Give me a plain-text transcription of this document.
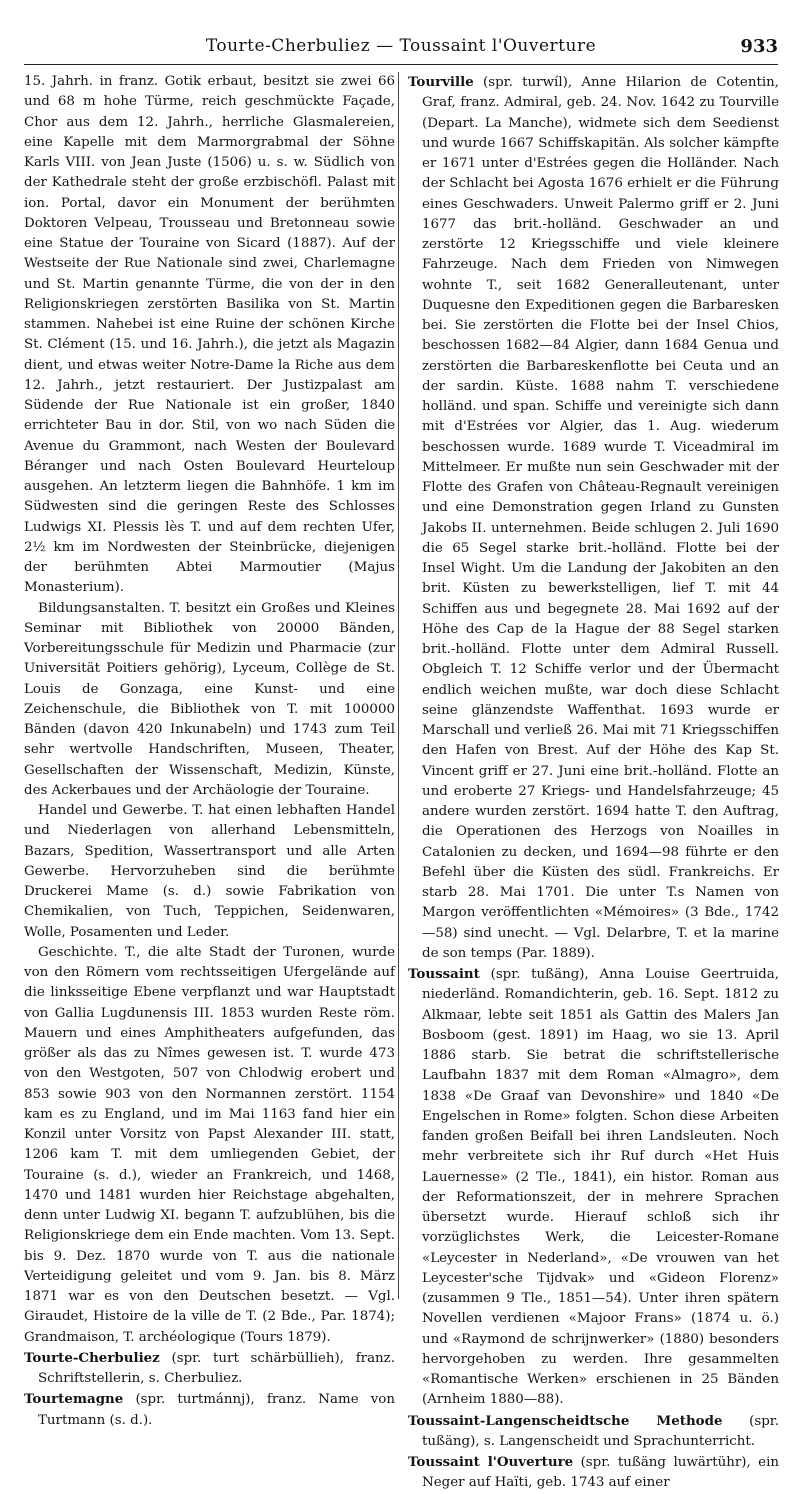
Tourte-Cherbuliez — Toussaint l'Ouverture	933

15. Jahrh. in franz. Gotik erbaut, besitzt sie zwei 66 und 68 m hohe Türme, reich geschmückte Façade, Chor aus dem 12. Jahrh., herrliche Glasmalereien, eine Kapelle mit dem Marmorgrabmal der Söhne Karls VIII. von Jean Juste (1506) u. s. w. Südlich von der Kathedrale steht der große erzbischöfl. Palast mit ion. Portal, davor ein Monument der berühmten Doktoren Velpeau, Trousseau und Bretonneau sowie eine Statue der Touraine von Sicard (1887). Auf der Westseite der Rue Nationale sind zwei, Charlemagne und St. Martin genannte Türme, die von der in den Religionskriegen zerstörten Basilika von St. Martin stammen. Nahebei ist eine Ruine der schönen Kirche St. Clément (15. und 16. Jahrh.), die jetzt als Magazin dient, und etwas weiter Notre-Dame la Riche aus dem 12. Jahrh., jetzt restauriert. Der Justizpalast am Südende der Rue Nationale ist ein großer, 1840 errichteter Bau in dor. Stil, von wo nach Süden die Avenue du Grammont, nach Westen der Boulevard Béranger und nach Osten Boulevard Heurteloup ausgehen. An letzterm liegen die Bahnhöfe. 1 km im Südwesten sind die geringen Reste des Schlosses Ludwigs XI. Plessis lès T. und auf dem rechten Ufer, 2½ km im Nordwesten der Steinbrücke, diejenigen der berühmten Abtei Marmoutier (Majus Monasterium).

Bildungsanstalten. T. besitzt ein Großes und Kleines Seminar mit Bibliothek von 20000 Bänden, Vorbereitungsschule für Medizin und Pharmacie (zur Universität Poitiers gehörig), Lyceum, Collège de St. Louis de Gonzaga, eine Kunst- und eine Zeichenschule, die Bibliothek von T. mit 100000 Bänden (davon 420 Inkunabeln) und 1743 zum Teil sehr wertvolle Handschriften, Museen, Theater, Gesellschaften der Wissenschaft, Medizin, Künste, des Ackerbaues und der Archäologie der Touraine.

Handel und Gewerbe. T. hat einen lebhaften Handel und Niederlagen von allerhand Lebensmitteln, Bazars, Spedition, Wassertransport und alle Arten Gewerbe. Hervorzuheben sind die berühmte Druckerei Mame (s. d.) sowie Fabrikation von Chemikalien, von Tuch, Teppichen, Seidenwaren, Wolle, Posamenten und Leder.

Geschichte. T., die alte Stadt der Turonen, wurde von den Römern vom rechtsseitigen Ufergelände auf die linksseitige Ebene verpflanzt und war Hauptstadt von Gallia Lugdunensis III. 1853 wurden Reste röm. Mauern und eines Amphitheaters aufgefunden, das größer als das zu Nîmes gewesen ist. T. wurde 473 von den Westgoten, 507 von Chlodwig erobert und 853 sowie 903 von den Normannen zerstört. 1154 kam es zu England, und im Mai 1163 fand hier ein Konzil unter Vorsitz von Papst Alexander III. statt, 1206 kam T. mit dem umliegenden Gebiet, der Touraine (s. d.), wieder an Frankreich, und 1468, 1470 und 1481 wurden hier Reichstage abgehalten, denn unter Ludwig XI. begann T. aufzublühen, bis die Religionskriege dem ein Ende machten. Vom 13. Sept. bis 9. Dez. 1870 wurde von T. aus die nationale Verteidigung geleitet und vom 9. Jan. bis 8. März 1871 war es von den Deutschen besetzt. — Vgl. Giraudet, Histoire de la ville de T. (2 Bde., Par. 1874); Grandmaison, T. archéologique (Tours 1879).

Tourte-Cherbuliez (spr. turt schärbüllieh), franz. Schriftstellerin, s. Cherbuliez.

Tourtemagne (spr. turtmánnj), franz. Name von Turtmann (s. d.).

Tourville (spr. turwíl), Anne Hilarion de Cotentin, Graf, franz. Admiral, geb. 24. Nov. 1642 zu Tourville (Depart. La Manche), widmete sich dem Seedienst und wurde 1667 Schiffskapitän. Als solcher kämpfte er 1671 unter d'Estrées gegen die Holländer. Nach der Schlacht bei Agosta 1676 erhielt er die Führung eines Geschwaders. Unweit Palermo griff er 2. Juni 1677 das brit.-holländ. Geschwader an und zerstörte 12 Kriegsschiffe und viele kleinere Fahrzeuge. Nach dem Frieden von Nimwegen wohnte T., seit 1682 Generalleutenant, unter Duquesne den Expeditionen gegen die Barbaresken bei. Sie zerstörten die Flotte bei der Insel Chios, beschossen 1682—84 Algier, dann 1684 Genua und zerstörten die Barbareskenflotte bei Ceuta und an der sardin. Küste. 1688 nahm T. verschiedene holländ. und span. Schiffe und vereinigte sich dann mit d'Estrées vor Algier, das 1. Aug. wiederum beschossen wurde. 1689 wurde T. Viceadmiral im Mittelmeer. Er mußte nun sein Geschwader mit der Flotte des Grafen von Château-Regnault vereinigen und eine Demonstration gegen Irland zu Gunsten Jakobs II. unternehmen. Beide schlugen 2. Juli 1690 die 65 Segel starke brit.-holländ. Flotte bei der Insel Wight. Um die Landung der Jakobiten an den brit. Küsten zu bewerkstelligen, lief T. mit 44 Schiffen aus und begegnete 28. Mai 1692 auf der Höhe des Cap de la Hague der 88 Segel starken brit.-holländ. Flotte unter dem Admiral Russell. Obgleich T. 12 Schiffe verlor und der Übermacht endlich weichen mußte, war doch diese Schlacht seine glänzendste Waffenthat. 1693 wurde er Marschall und verließ 26. Mai mit 71 Kriegsschiffen den Hafen von Brest. Auf der Höhe des Kap St. Vincent griff er 27. Juni eine brit.-holländ. Flotte an und eroberte 27 Kriegs- und Handelsfahrzeuge; 45 andere wurden zerstört. 1694 hatte T. den Auftrag, die Operationen des Herzogs von Noailles in Catalonien zu decken, und 1694—98 führte er den Befehl über die Küsten des südl. Frankreichs. Er starb 28. Mai 1701. Die unter T.s Namen von Margon veröffentlichten «Mémoires» (3 Bde., 1742—58) sind unecht. — Vgl. Delarbre, T. et la marine de son temps (Par. 1889).

Toussaint (spr. tußäng), Anna Louise Geertruida, niederländ. Romandichterin, geb. 16. Sept. 1812 zu Alkmaar, lebte seit 1851 als Gattin des Malers Jan Bosboom (gest. 1891) im Haag, wo sie 13. April 1886 starb. Sie betrat die schriftstellerische Laufbahn 1837 mit dem Roman «Almagro», dem 1838 «De Graaf van Devonshire» und 1840 «De Engelschen in Rome» folgten. Schon diese Arbeiten fanden großen Beifall bei ihren Landsleuten. Noch mehr verbreitete sich ihr Ruf durch «Het Huis Lauernesse» (2 Tle., 1841), ein histor. Roman aus der Reformationszeit, der in mehrere Sprachen übersetzt wurde. Hierauf schloß sich ihr vorzüglichstes Werk, die Leicester-Romane «Leycester in Nederland», «De vrouwen van het Leycester'sche Tijdvak» und «Gideon Florenz» (zusammen 9 Tle., 1851—54). Unter ihren spätern Novellen verdienen «Majoor Frans» (1874 u. ö.) und «Raymond de schrijnwerker» (1880) besonders hervorgehoben zu werden. Ihre gesammelten «Romantische Werken» erschienen in 25 Bänden (Arnheim 1880—88).

Toussaint-Langenscheidtsche Methode (spr. tußäng), s. Langenscheidt und Sprachunterricht.

Toussaint l'Ouverture (spr. tußäng luwärtühr), ein Neger auf Haïti, geb. 1743 auf einer
